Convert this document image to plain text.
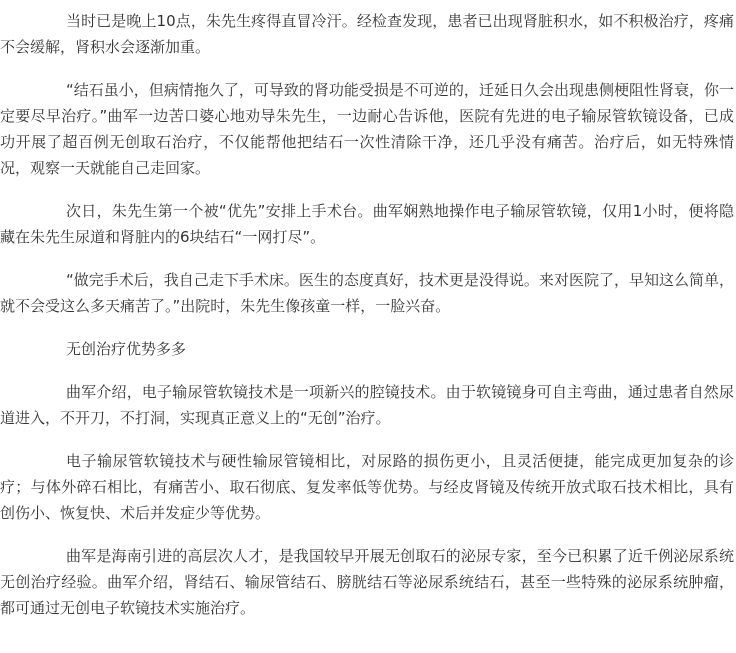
当时已是晚上10点，朱先生疼得直冒冷汗。经检查发现，患者已出现肾脏积水，如不积极治疗，疼痛不会缓解，肾积水会逐渐加重。

“结石虽小，但病情拖久了，可导致的肾功能受损是不可逆的，迁延日久会出现患侧梗阻性肾衰，你一定要尽早治疗。”曲军一边苦口婆心地劝导朱先生，一边耐心告诉他，医院有先进的电子输尿管软镜设备，已成功开展了超百例无创取石治疗，不仅能帮他把结石一次性清除干净，还几乎没有痛苦。治疗后，如无特殊情况，观察一天就能自己走回家。

次日，朱先生第一个被“优先”安排上手术台。曲军娴熟地操作电子输尿管软镜，仅用1小时，便将隐藏在朱先生尿道和肾脏内的6块结石“一网打尽”。

“做完手术后，我自己走下手术床。医生的态度真好，技术更是没得说。来对医院了，早知这么简单，就不会受这么多天痛苦了。”出院时，朱先生像孩童一样，一脸兴奋。

无创治疗优势多多

曲军介绍，电子输尿管软镜技术是一项新兴的腔镜技术。由于软镜镜身可自主弯曲，通过患者自然尿道进入，不开刀，不打洞，实现真正意义上的“无创”治疗。

电子输尿管软镜技术与硬性输尿管镜相比，对尿路的损伤更小，且灵活便捷，能完成更加复杂的诊疗；与体外碎石相比，有痛苦小、取石彻底、复发率低等优势。与经皮肾镜及传统开放式取石技术相比，具有创伤小、恢复快、术后并发症少等优势。

曲军是海南引进的高层次人才，是我国较早开展无创取石的泌尿专家，至今已积累了近千例泌尿系统无创治疗经验。曲军介绍，肾结石、输尿管结石、膀胱结石等泌尿系统结石，甚至一些特殊的泌尿系统肿瘤，都可通过无创电子软镜技术实施治疗。
